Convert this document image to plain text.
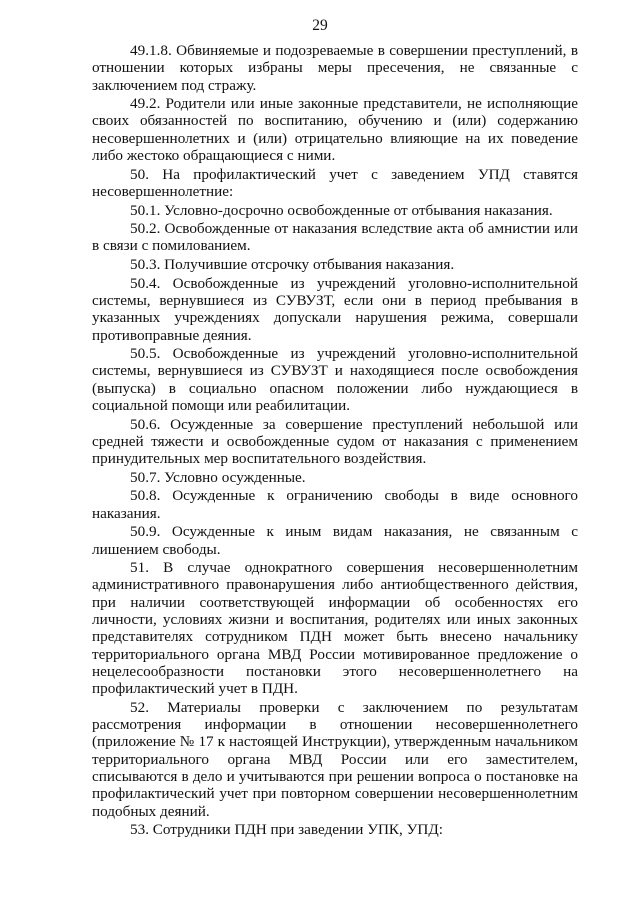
29

49.1.8. Обвиняемые и подозреваемые в совершении преступлений, в отношении которых избраны меры пресечения, не связанные с заключением под стражу.

49.2. Родители или иные законные представители, не исполняющие своих обязанностей по воспитанию, обучению и (или) содержанию несовершеннолетних и (или) отрицательно влияющие на их поведение либо жестоко обращающиеся с ними.

50. На профилактический учет с заведением УПД ставятся несовершеннолетние:

50.1. Условно-досрочно освобожденные от отбывания наказания.

50.2. Освобожденные от наказания вследствие акта об амнистии или в связи с помилованием.

50.3. Получившие отсрочку отбывания наказания.

50.4. Освобожденные из учреждений уголовно-исполнительной системы, вернувшиеся из СУВУЗТ, если они в период пребывания в указанных учреждениях допускали нарушения режима, совершали противоправные деяния.

50.5. Освобожденные из учреждений уголовно-исполнительной системы, вернувшиеся из СУВУЗТ и находящиеся после освобождения (выпуска) в социально опасном положении либо нуждающиеся в социальной помощи или реабилитации.

50.6. Осужденные за совершение преступлений небольшой или средней тяжести и освобожденные судом от наказания с применением принудительных мер воспитательного воздействия.

50.7. Условно осужденные.

50.8. Осужденные к ограничению свободы в виде основного наказания.

50.9. Осужденные к иным видам наказания, не связанным с лишением свободы.

51. В случае однократного совершения несовершеннолетним административного правонарушения либо антиобщественного действия, при наличии соответствующей информации об особенностях его личности, условиях жизни и воспитания, родителях или иных законных представителях сотрудником ПДН может быть внесено начальнику территориального органа МВД России мотивированное предложение о нецелесообразности постановки этого несовершеннолетнего на профилактический учет в ПДН.

52. Материалы проверки с заключением по результатам рассмотрения информации в отношении несовершеннолетнего (приложение № 17 к настоящей Инструкции), утвержденным начальником территориального органа МВД России или его заместителем, списываются в дело и учитываются при решении вопроса о постановке на профилактический учет при повторном совершении несовершеннолетним подобных деяний.

53. Сотрудники ПДН при заведении УПК, УПД:
